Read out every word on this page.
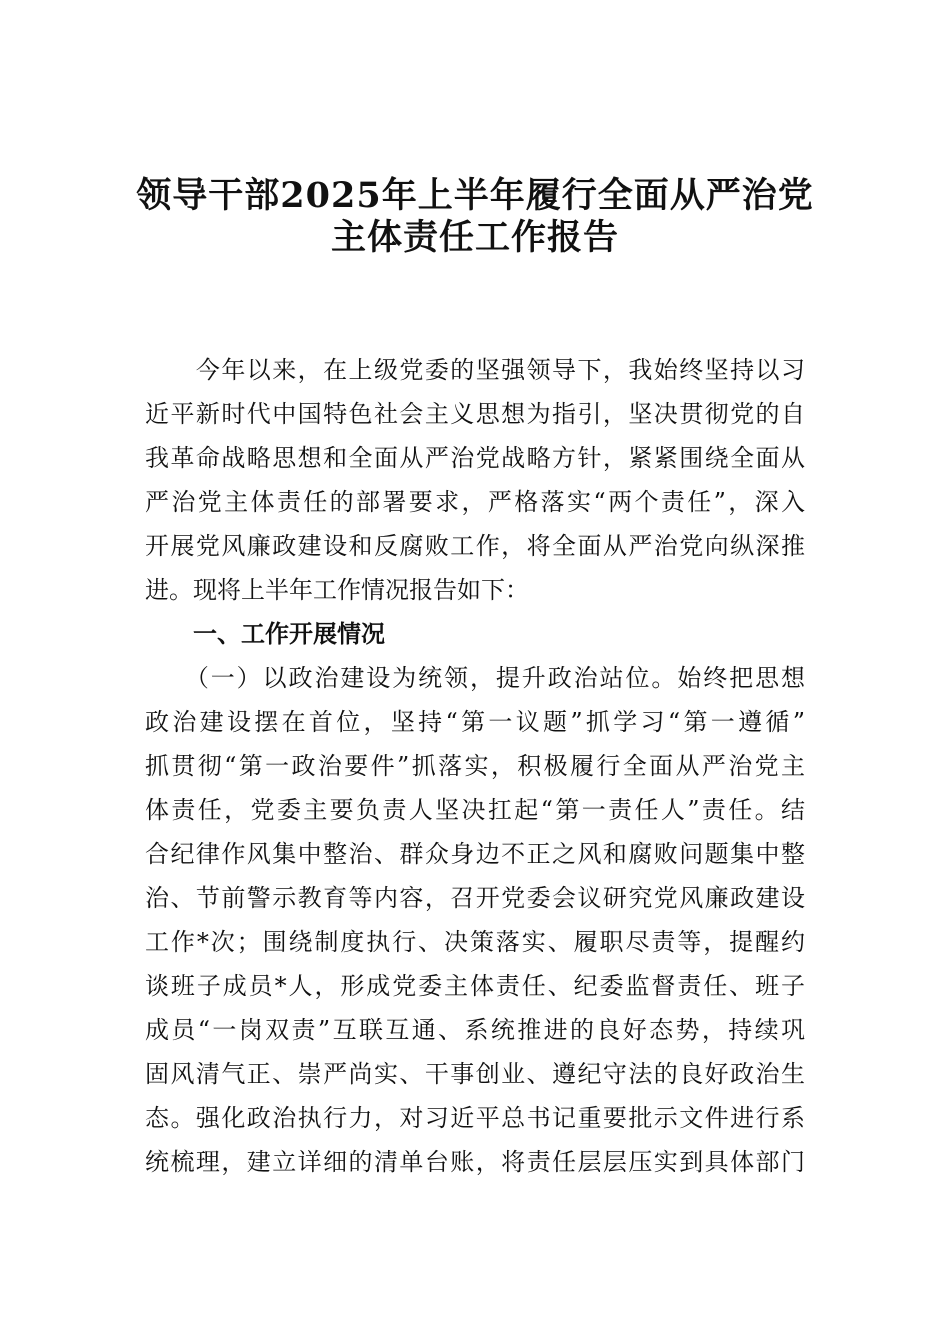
领导干部2025年上半年履行全面从严治党
主体责任工作报告
　　今年以来，在上级党委的坚强领导下，我始终坚持以习
近平新时代中国特色社会主义思想为指引，坚决贯彻党的自
我革命战略思想和全面从严治党战略方针，紧紧围绕全面从
严治党主体责任的部署要求，严格落实“两个责任”，深入
开展党风廉政建设和反腐败工作，将全面从严治党向纵深推
进。现将上半年工作情况报告如下：
　　一、工作开展情况
　　（一）以政治建设为统领，提升政治站位。始终把思想
政治建设摆在首位，坚持“第一议题”抓学习“第一遵循”
抓贯彻“第一政治要件”抓落实，积极履行全面从严治党主
体责任，党委主要负责人坚决扛起“第一责任人”责任。结
合纪律作风集中整治、群众身边不正之风和腐败问题集中整
治、节前警示教育等内容，召开党委会议研究党风廉政建设
工作*次；围绕制度执行、决策落实、履职尽责等，提醒约
谈班子成员*人，形成党委主体责任、纪委监督责任、班子
成员“一岗双责”互联互通、系统推进的良好态势，持续巩
固风清气正、崇严尚实、干事创业、遵纪守法的良好政治生
态。强化政治执行力，对习近平总书记重要批示文件进行系
统梳理，建立详细的清单台账，将责任层层压实到具体部门
